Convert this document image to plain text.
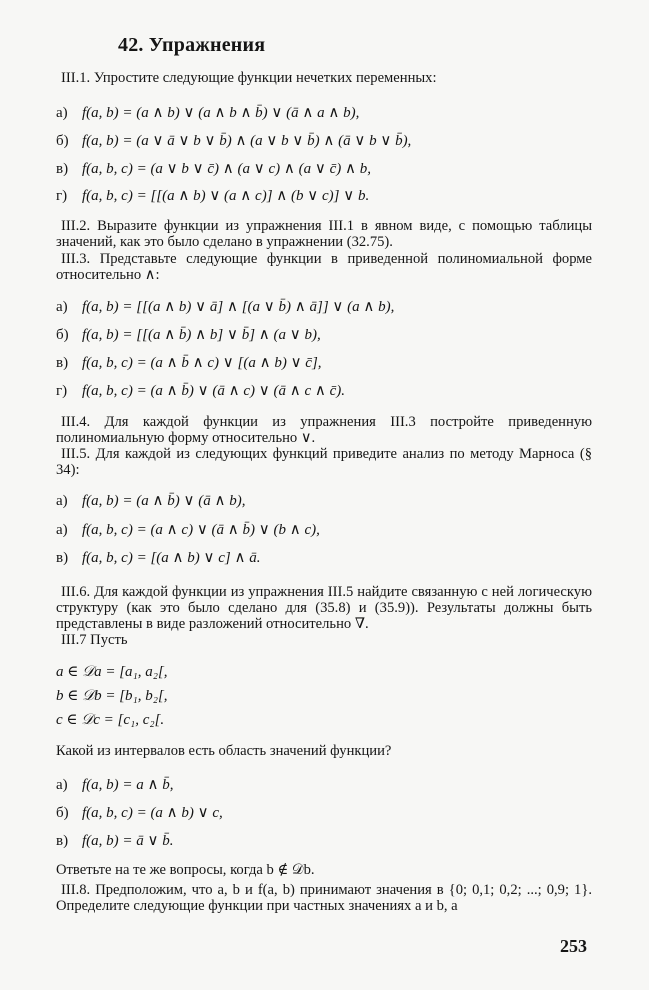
42. Упражнения
III.1. Упростите следующие функции нечетких переменных:
а) f(a, b) = (a ∧ b) ∨ (a ∧ b ∧ b̄) ∨ (ā ∧ a ∧ b),
б) f(a, b) = (a ∨ ā ∨ b ∨ b̄) ∧ (a ∨ b ∨ b̄) ∧ (ā ∨ b ∨ b̄),
в) f(a, b, c) = (a ∨ b ∨ c̄) ∧ (a ∨ c) ∧ (a ∨ c̄) ∧ b,
г) f(a, b, c) = [[(a ∧ b) ∨ (a ∧ c)] ∧ (b ∨ c)] ∨ b.
III.2. Выразите функции из упражнения III.1 в явном виде, с помощью таблицы значений, как это было сделано в упражнении (32.75).
III.3. Представьте следующие функции в приведенной полиномиальной форме относительно ∧:
а) f(a, b) = [[(a ∧ b) ∨ ā] ∧ [(a ∨ b̄) ∧ ā]] ∨ (a ∧ b),
б) f(a, b) = [[(a ∧ b̄) ∧ b] ∨ b̄] ∧ (a ∨ b),
в) f(a, b, c) = (a ∧ b̄ ∧ c) ∨ [(a ∧ b) ∨ c̄],
г) f(a, b, c) = (a ∧ b̄) ∨ (ā ∧ c) ∨ (ā ∧ c ∧ c̄).
III.4. Для каждой функции из упражнения III.3 постройте приведенную полиномиальную форму относительно ∨.
III.5. Для каждой из следующих функций приведите анализ по методу Марноса (§ 34):
а) f(a, b) = (a ∧ b̄) ∨ (ā ∧ b),
а) f(a, b, c) = (a ∧ c) ∨ (ā ∧ b̄) ∨ (b ∧ c),
в) f(a, b, c) = [(a ∧ b) ∨ c] ∧ ā.
III.6. Для каждой функции из упражнения III.5 найдите связанную с ней логическую структуру (как это было сделано для (35.8) и (35.9)). Результаты должны быть представлены в виде разложений относительно ∇.
III.7 Пусть
a ∈ 𝒟a = [a₁, a₂[,
b ∈ 𝒟b = [b₁, b₂[,
c ∈ 𝒟c = [c₁, c₂[.
Какой из интервалов есть область значений функции?
а) f(a, b) = a ∧ b̄,
б) f(a, b, c) = (a ∧ b) ∨ c,
в) f(a, b) = ā ∨ b̄.
Ответьте на те же вопросы, когда b ∉ 𝒟b.
III.8. Предположим, что a, b и f(a, b) принимают значения в {0; 0,1; 0,2; ...; 0,9; 1}. Определите следующие функции при частных значениях a и b, а
253
